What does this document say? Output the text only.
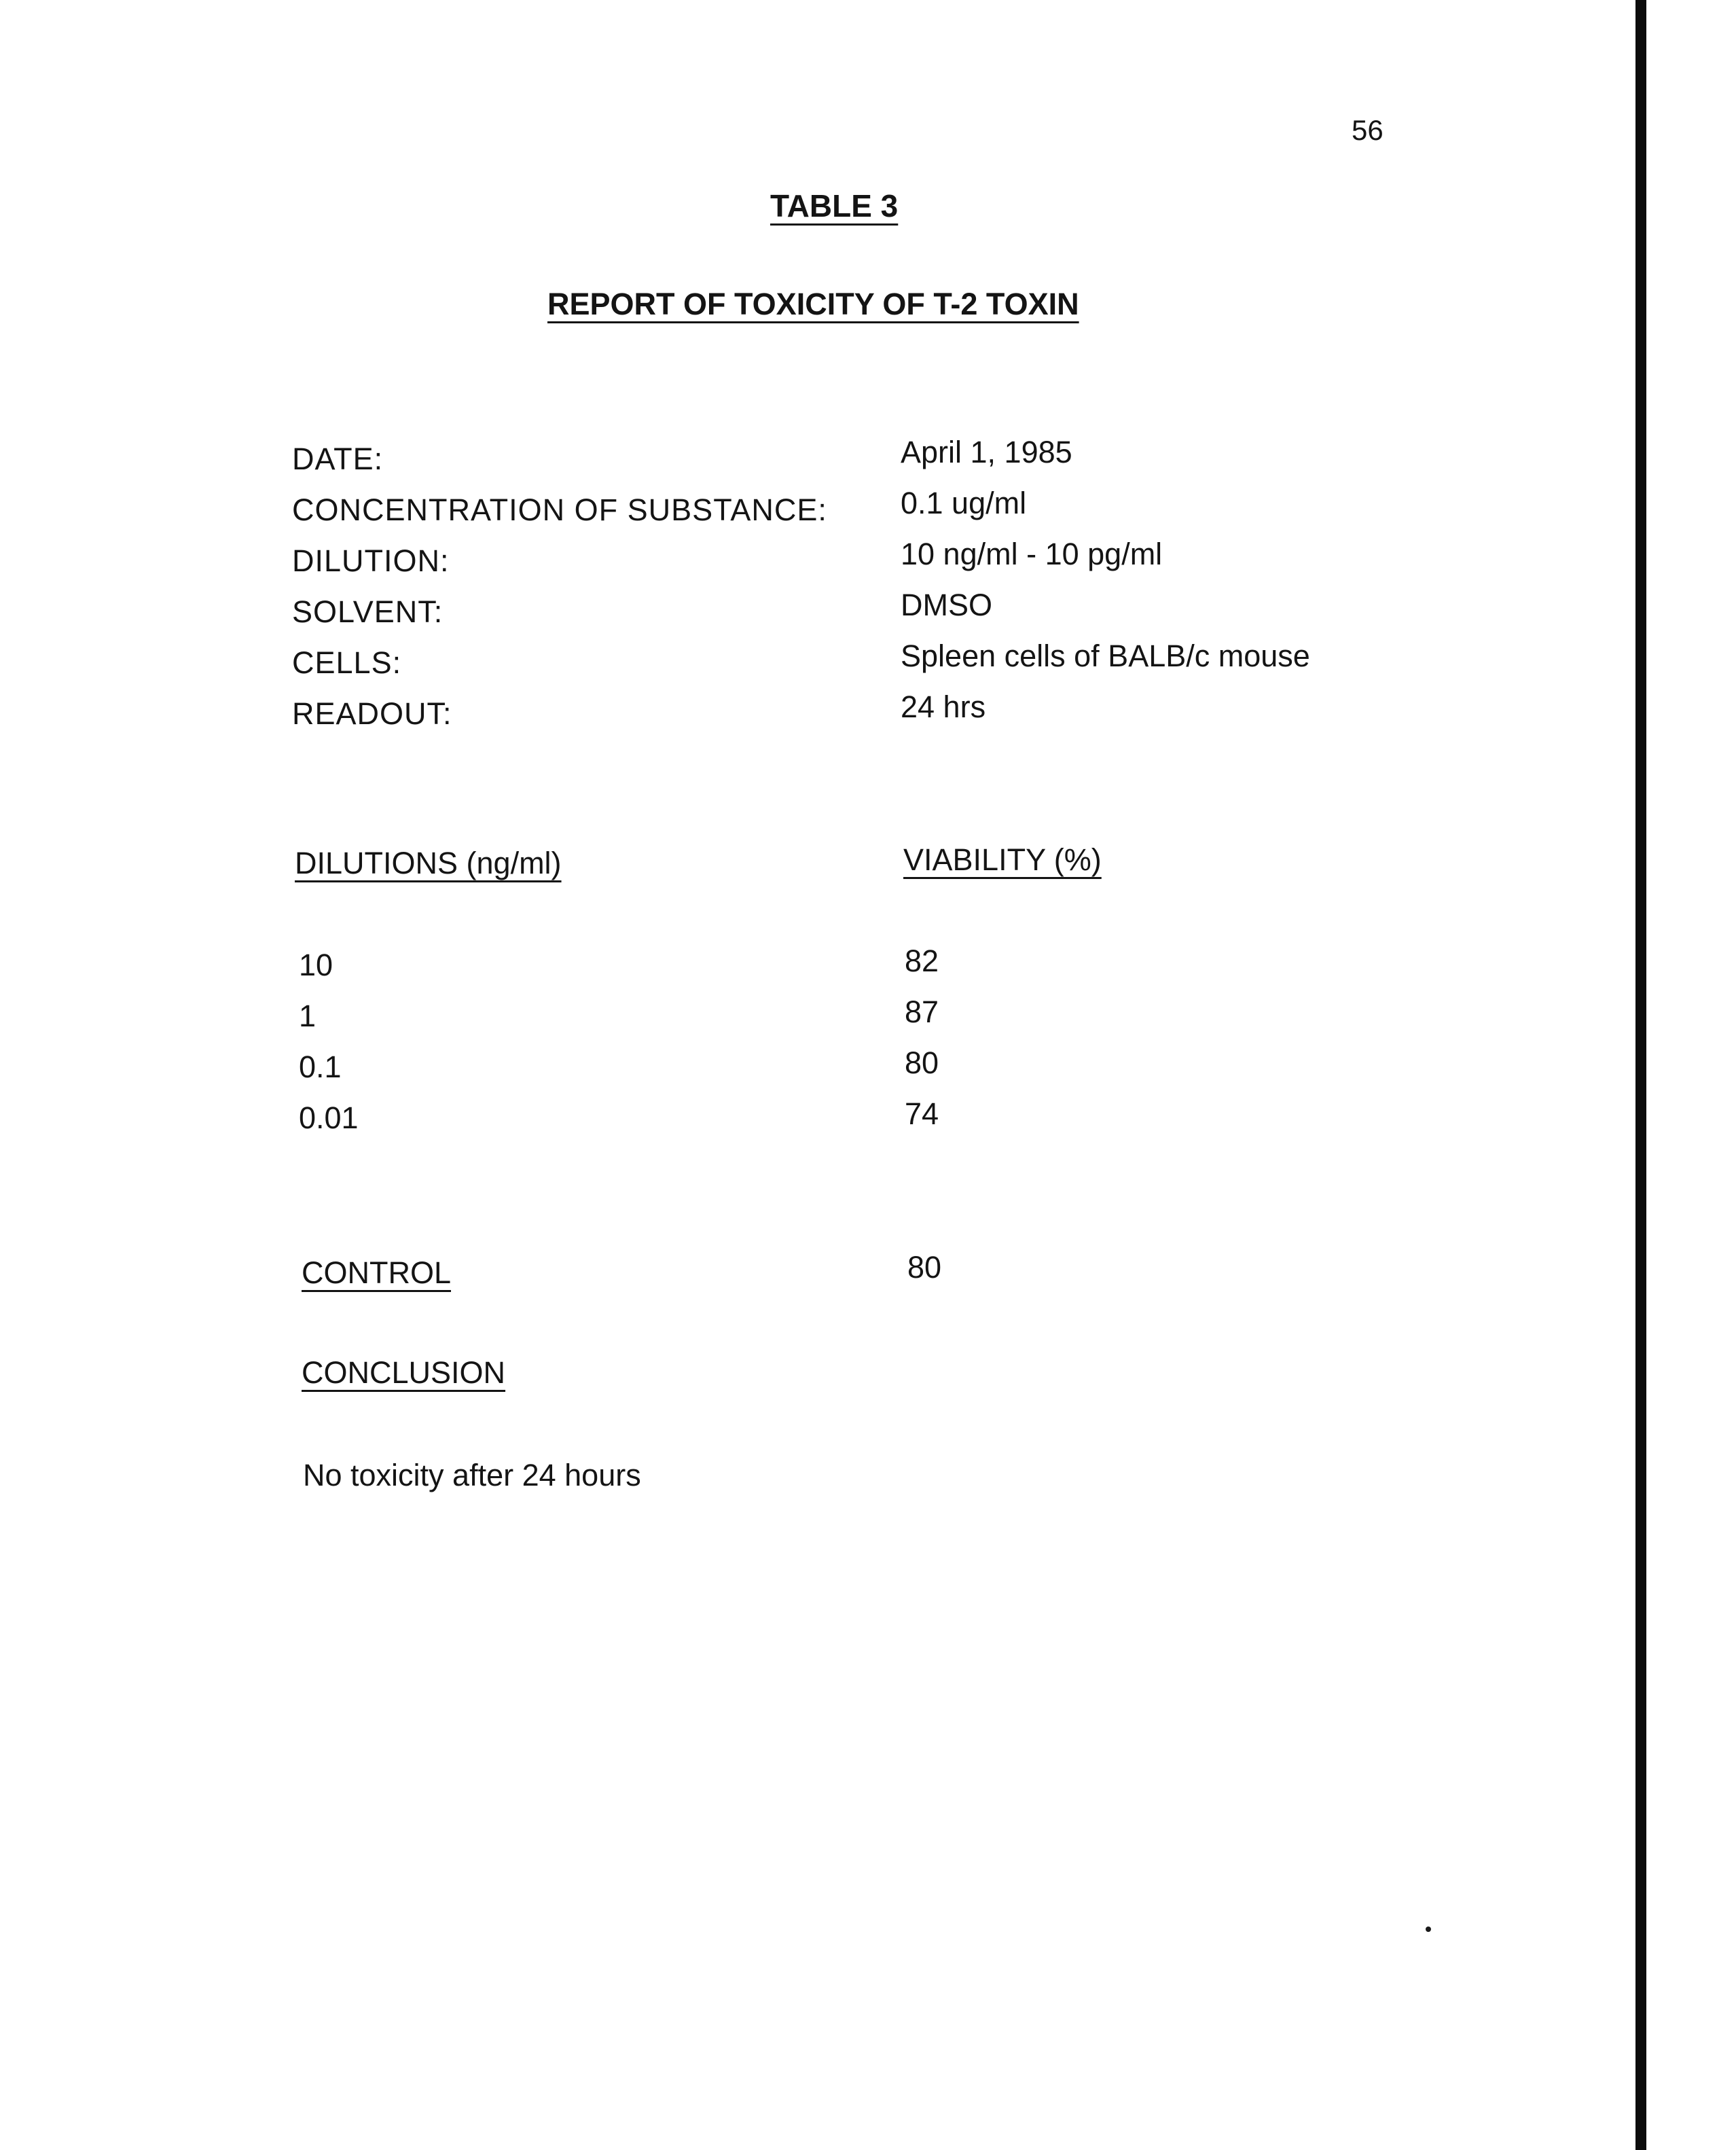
56
TABLE 3
REPORT OF TOXICITY OF T-2 TOXIN
DATE:	April 1, 1985
CONCENTRATION OF SUBSTANCE: 0.1 ug/ml
DILUTION:	10 ng/ml - 10 pg/ml
SOLVENT:	DMSO
CELLS:	Spleen cells of BALB/c mouse
READOUT:	24 hrs
DILUTIONS (ng/ml)	VIABILITY (%)
10	82
1	87
0.1	80
0.01	74
CONTROL	80
CONCLUSION
No toxicity after 24 hours
